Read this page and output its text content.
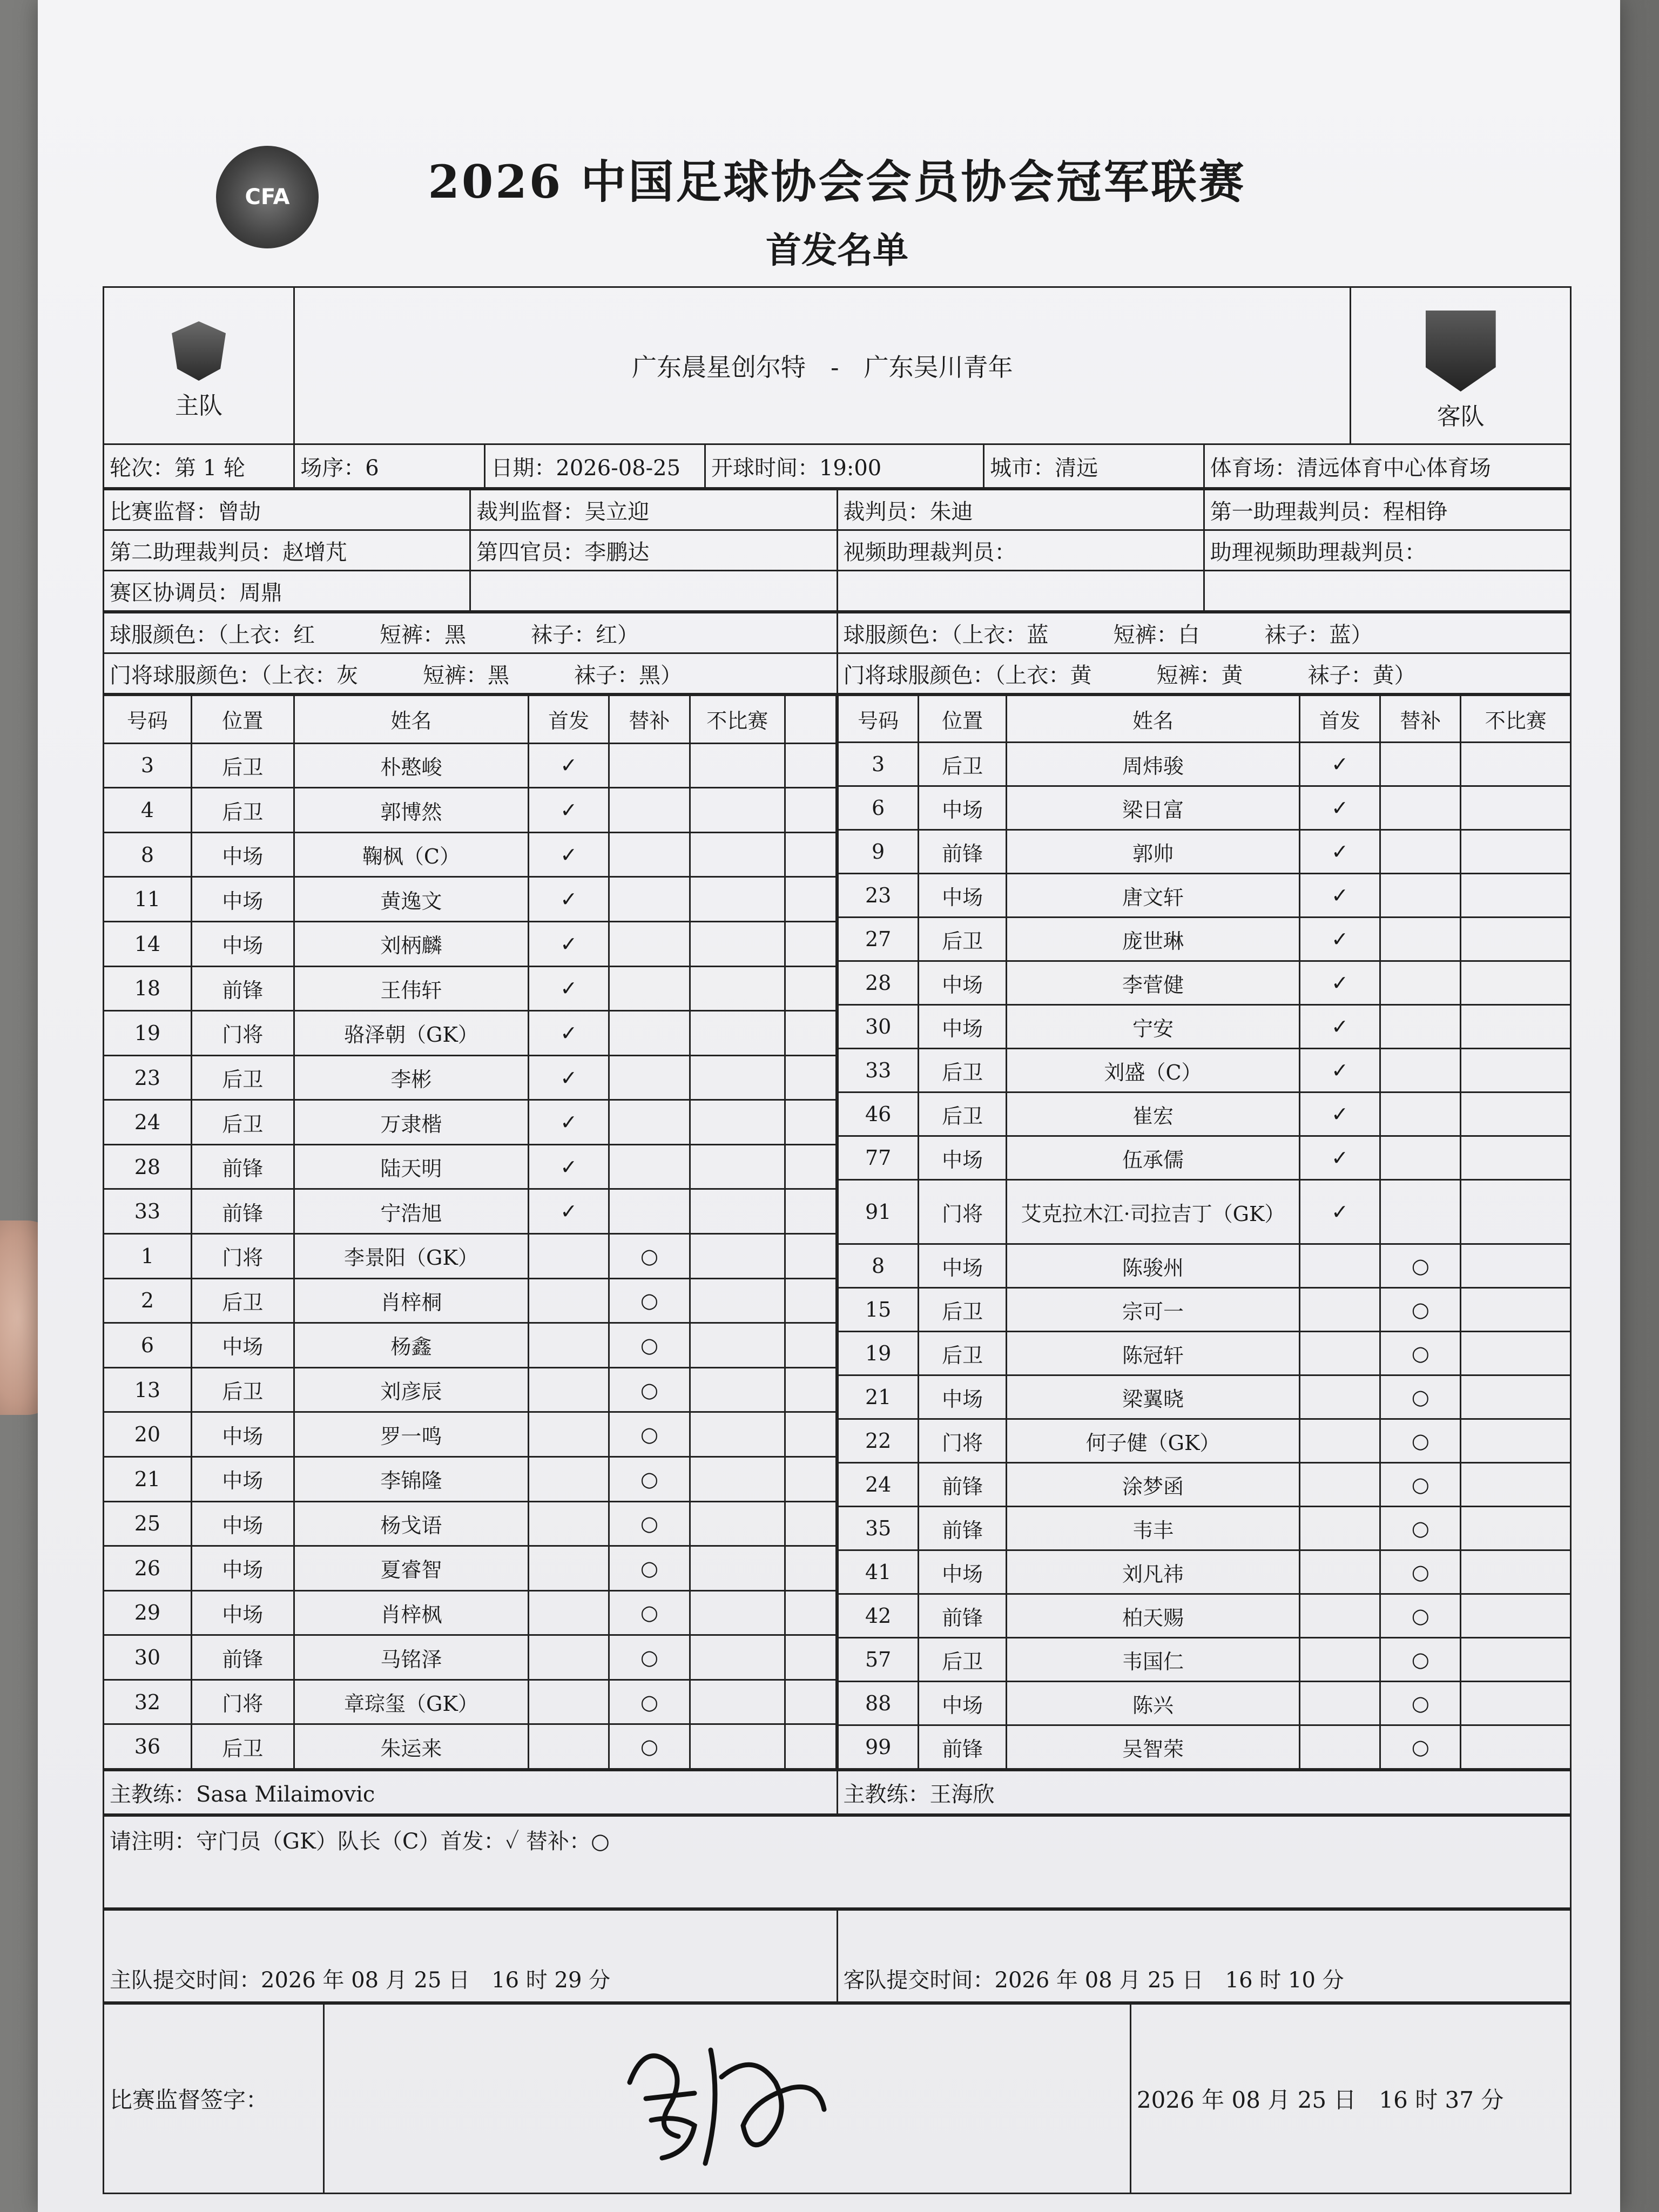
CFA	2026 中国足球协会会员协会冠军联赛
首发名单
主队	广东晨星创尔特　-　广东吴川青年					客队

轮次：第 1 轮	场序：6	日期：2026-08-25	开球时间：19:00	城市：清远	体育场：清远体育中心体育场	
比赛监督：曾劼	裁判监督：吴立迎	裁判员：朱迪	第一助理裁判员：程相铮
第二助理裁判员：赵增芃	第四官员：李鹏达	视频助理裁判员：	助理视频助理裁判员：
赛区协调员：周鼎			
球服颜色：（上衣：红　　　短裤：黑　　　袜子：红）	球服颜色：（上衣：蓝　　　短裤：白　　　袜子：蓝）
门将球服颜色：（上衣：灰　　　短裤：黑　　　袜子：黑）	门将球服颜色：（上衣：黄　　　短裤：黄　　　袜子：黄）
号码	位置	姓名	首发	替补	不比赛	
3	后卫	朴憨峻	✓			
4	后卫	郭博然	✓			
8	中场	鞠枫（C）	✓			
11	中场	黄逸文	✓			
14	中场	刘柄麟	✓			
18	前锋	王伟轩	✓			
19	门将	骆泽朝（GK）	✓			
23	后卫	李彬	✓			
24	后卫	万隶楷	✓			
28	前锋	陆天明	✓			
33	前锋	宁浩旭	✓			
1	门将	李景阳（GK）		○		
2	后卫	肖梓桐		○		
6	中场	杨鑫		○		
13	后卫	刘彦辰		○		
20	中场	罗一鸣		○		
21	中场	李锦隆		○		
25	中场	杨戈语		○		
26	中场	夏睿智		○		
29	中场	肖梓枫		○		
30	前锋	马铭泽		○		
32	门将	章琮玺（GK）		○		
36	后卫	朱运来		○		
号码	位置	姓名	首发	替补	不比赛
3	后卫	周炜骏	✓		
6	中场	梁日富	✓		
9	前锋	郭帅	✓		
23	中场	唐文轩	✓		
27	后卫	庞世琳	✓		
28	中场	李菅健	✓		
30	中场	宁安	✓		
33	后卫	刘盛（C）	✓		
46	后卫	崔宏	✓		
77	中场	伍承儒	✓		
91	门将	艾克拉木江·司拉吉丁（GK）	✓		
8	中场	陈骏州		○	
15	后卫	宗可一		○	
19	后卫	陈冠轩		○	
21	中场	梁翼晓		○	
22	门将	何子健（GK）		○	
24	前锋	涂梦函		○	
35	前锋	韦丰		○	
41	中场	刘凡祎		○	
42	前锋	柏天赐		○	
57	后卫	韦国仁		○	
88	中场	陈兴		○	
99	前锋	吴智荣		○	
主教练：Sasa Milaimovic	主教练：王海欣
请注明：守门员（GK）队长（C）首发：✓ 替补：○
主队提交时间：2026 年 08 月 25 日　16 时 29 分	客队提交时间：2026 年 08 月 25 日　16 时 10 分
比赛监督签字：		2026 年 08 月 25 日　16 时 37 分
